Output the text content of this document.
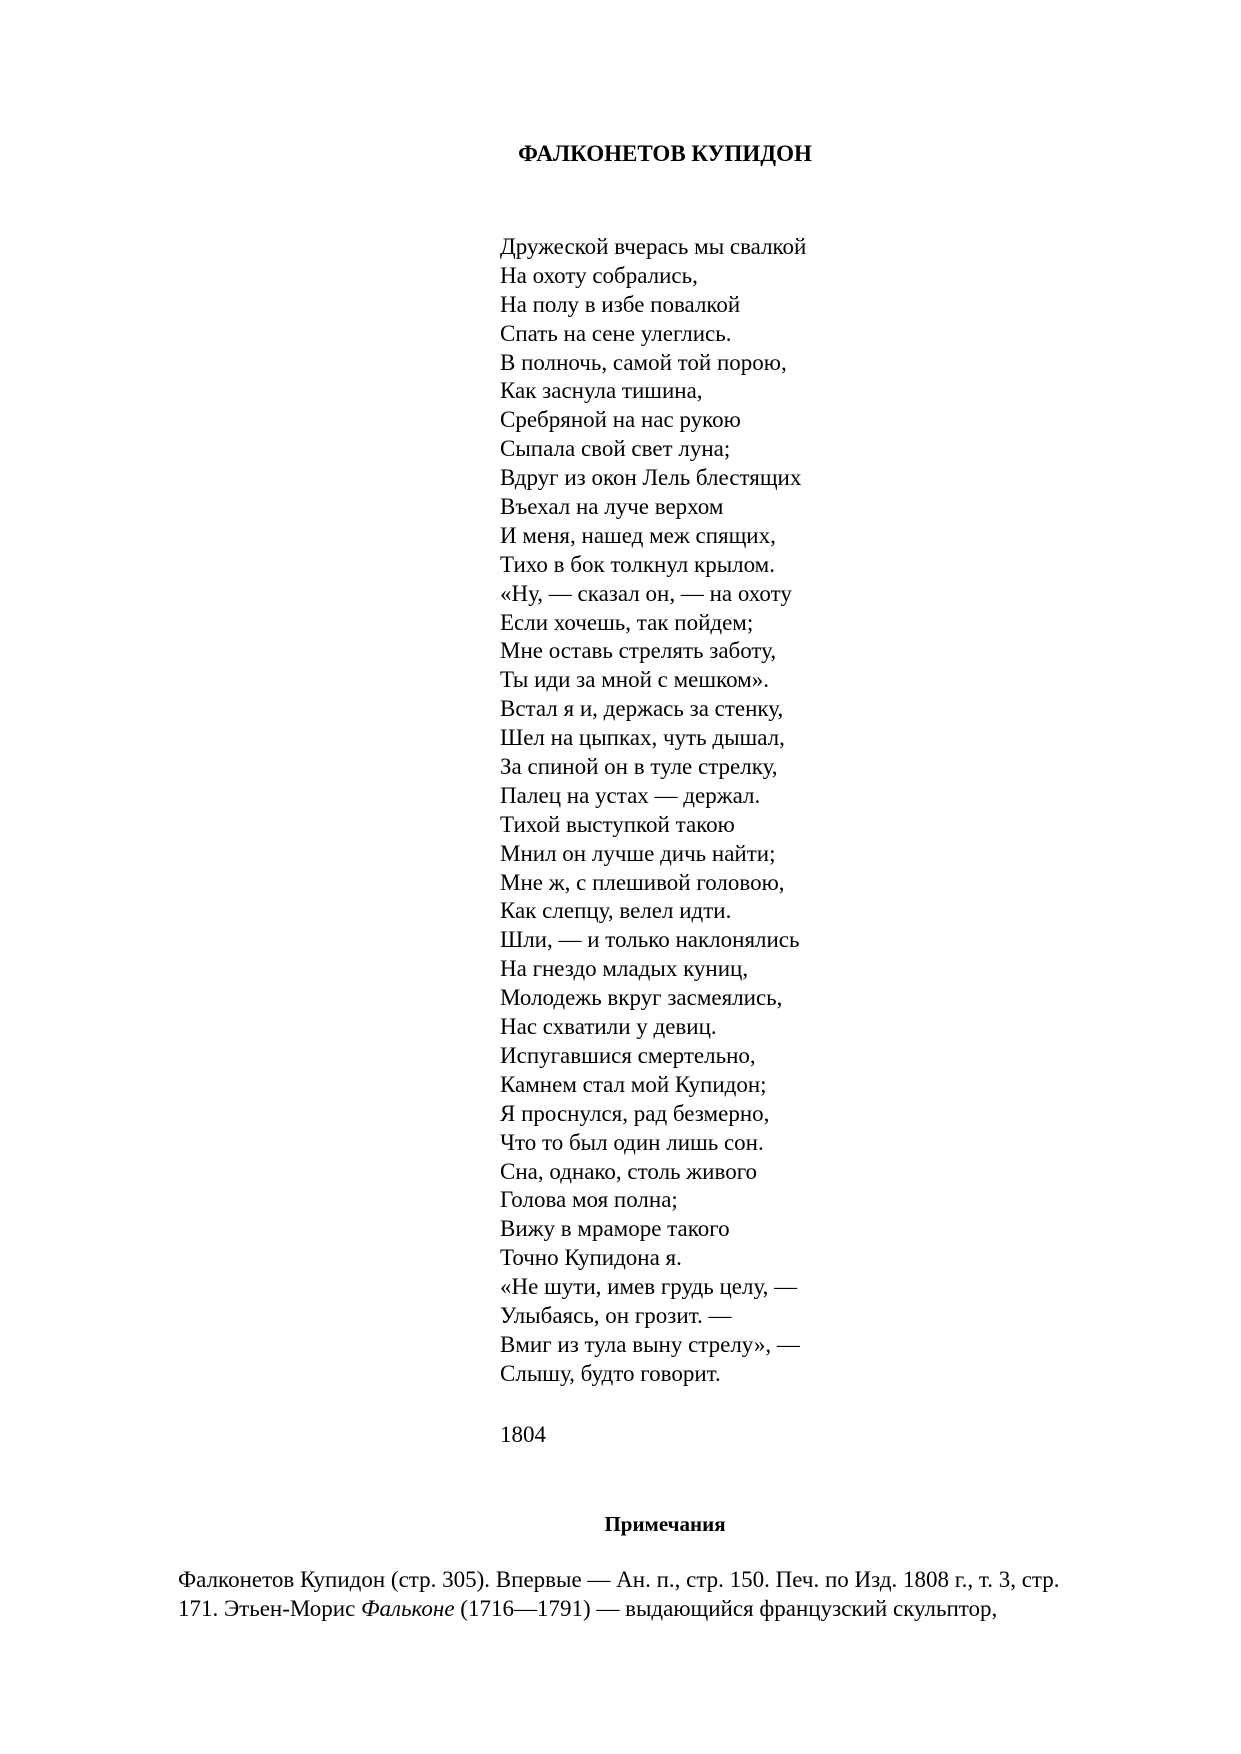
ФАЛКОНЕТОВ КУПИДОН
Дружеской вчерась мы свалкой
На охоту собрались,
На полу в избе повалкой
Спать на сене улеглись.
В полночь, самой той порою,
Как заснула тишина,
Сребряной на нас рукою
Сыпала свой свет луна;
Вдруг из окон Лель блестящих
Въехал на луче верхом
И меня, нашед меж спящих,
Тихо в бок толкнул крылом.
«Ну, — сказал он, — на охоту
Если хочешь, так пойдем;
Мне оставь стрелять заботу,
Ты иди за мной с мешком».
Встал я и, держась за стенку,
Шел на цыпках, чуть дышал,
За спиной он в туле стрелку,
Палец на устах — держал.
Тихой выступкой такою
Мнил он лучше дичь найти;
Мне ж, с плешивой головою,
Как слепцу, велел идти.
Шли, — и только наклонялись
На гнездо младых куниц,
Молодежь вкруг засмеялись,
Нас схватили у девиц.
Испугавшися смертельно,
Камнем стал мой Купидон;
Я проснулся, рад безмерно,
Что то был один лишь сон.
Сна, однако, столь живого
Голова моя полна;
Вижу в мраморе такого
Точно Купидона я.
«Не шути, имев грудь целу, —
Улыбаясь, он грозит. —
Вмиг из тула выну стрелу», —
Слышу, будто говорит.
1804
Примечания

Фалконетов Купидон (стр. 305). Впервые — Ан. п., стр. 150. Печ. по Изд. 1808 г., т. 3, стр.
171. Этьен-Морис Фальконе (1716—1791) — выдающийся французский скульптор,
